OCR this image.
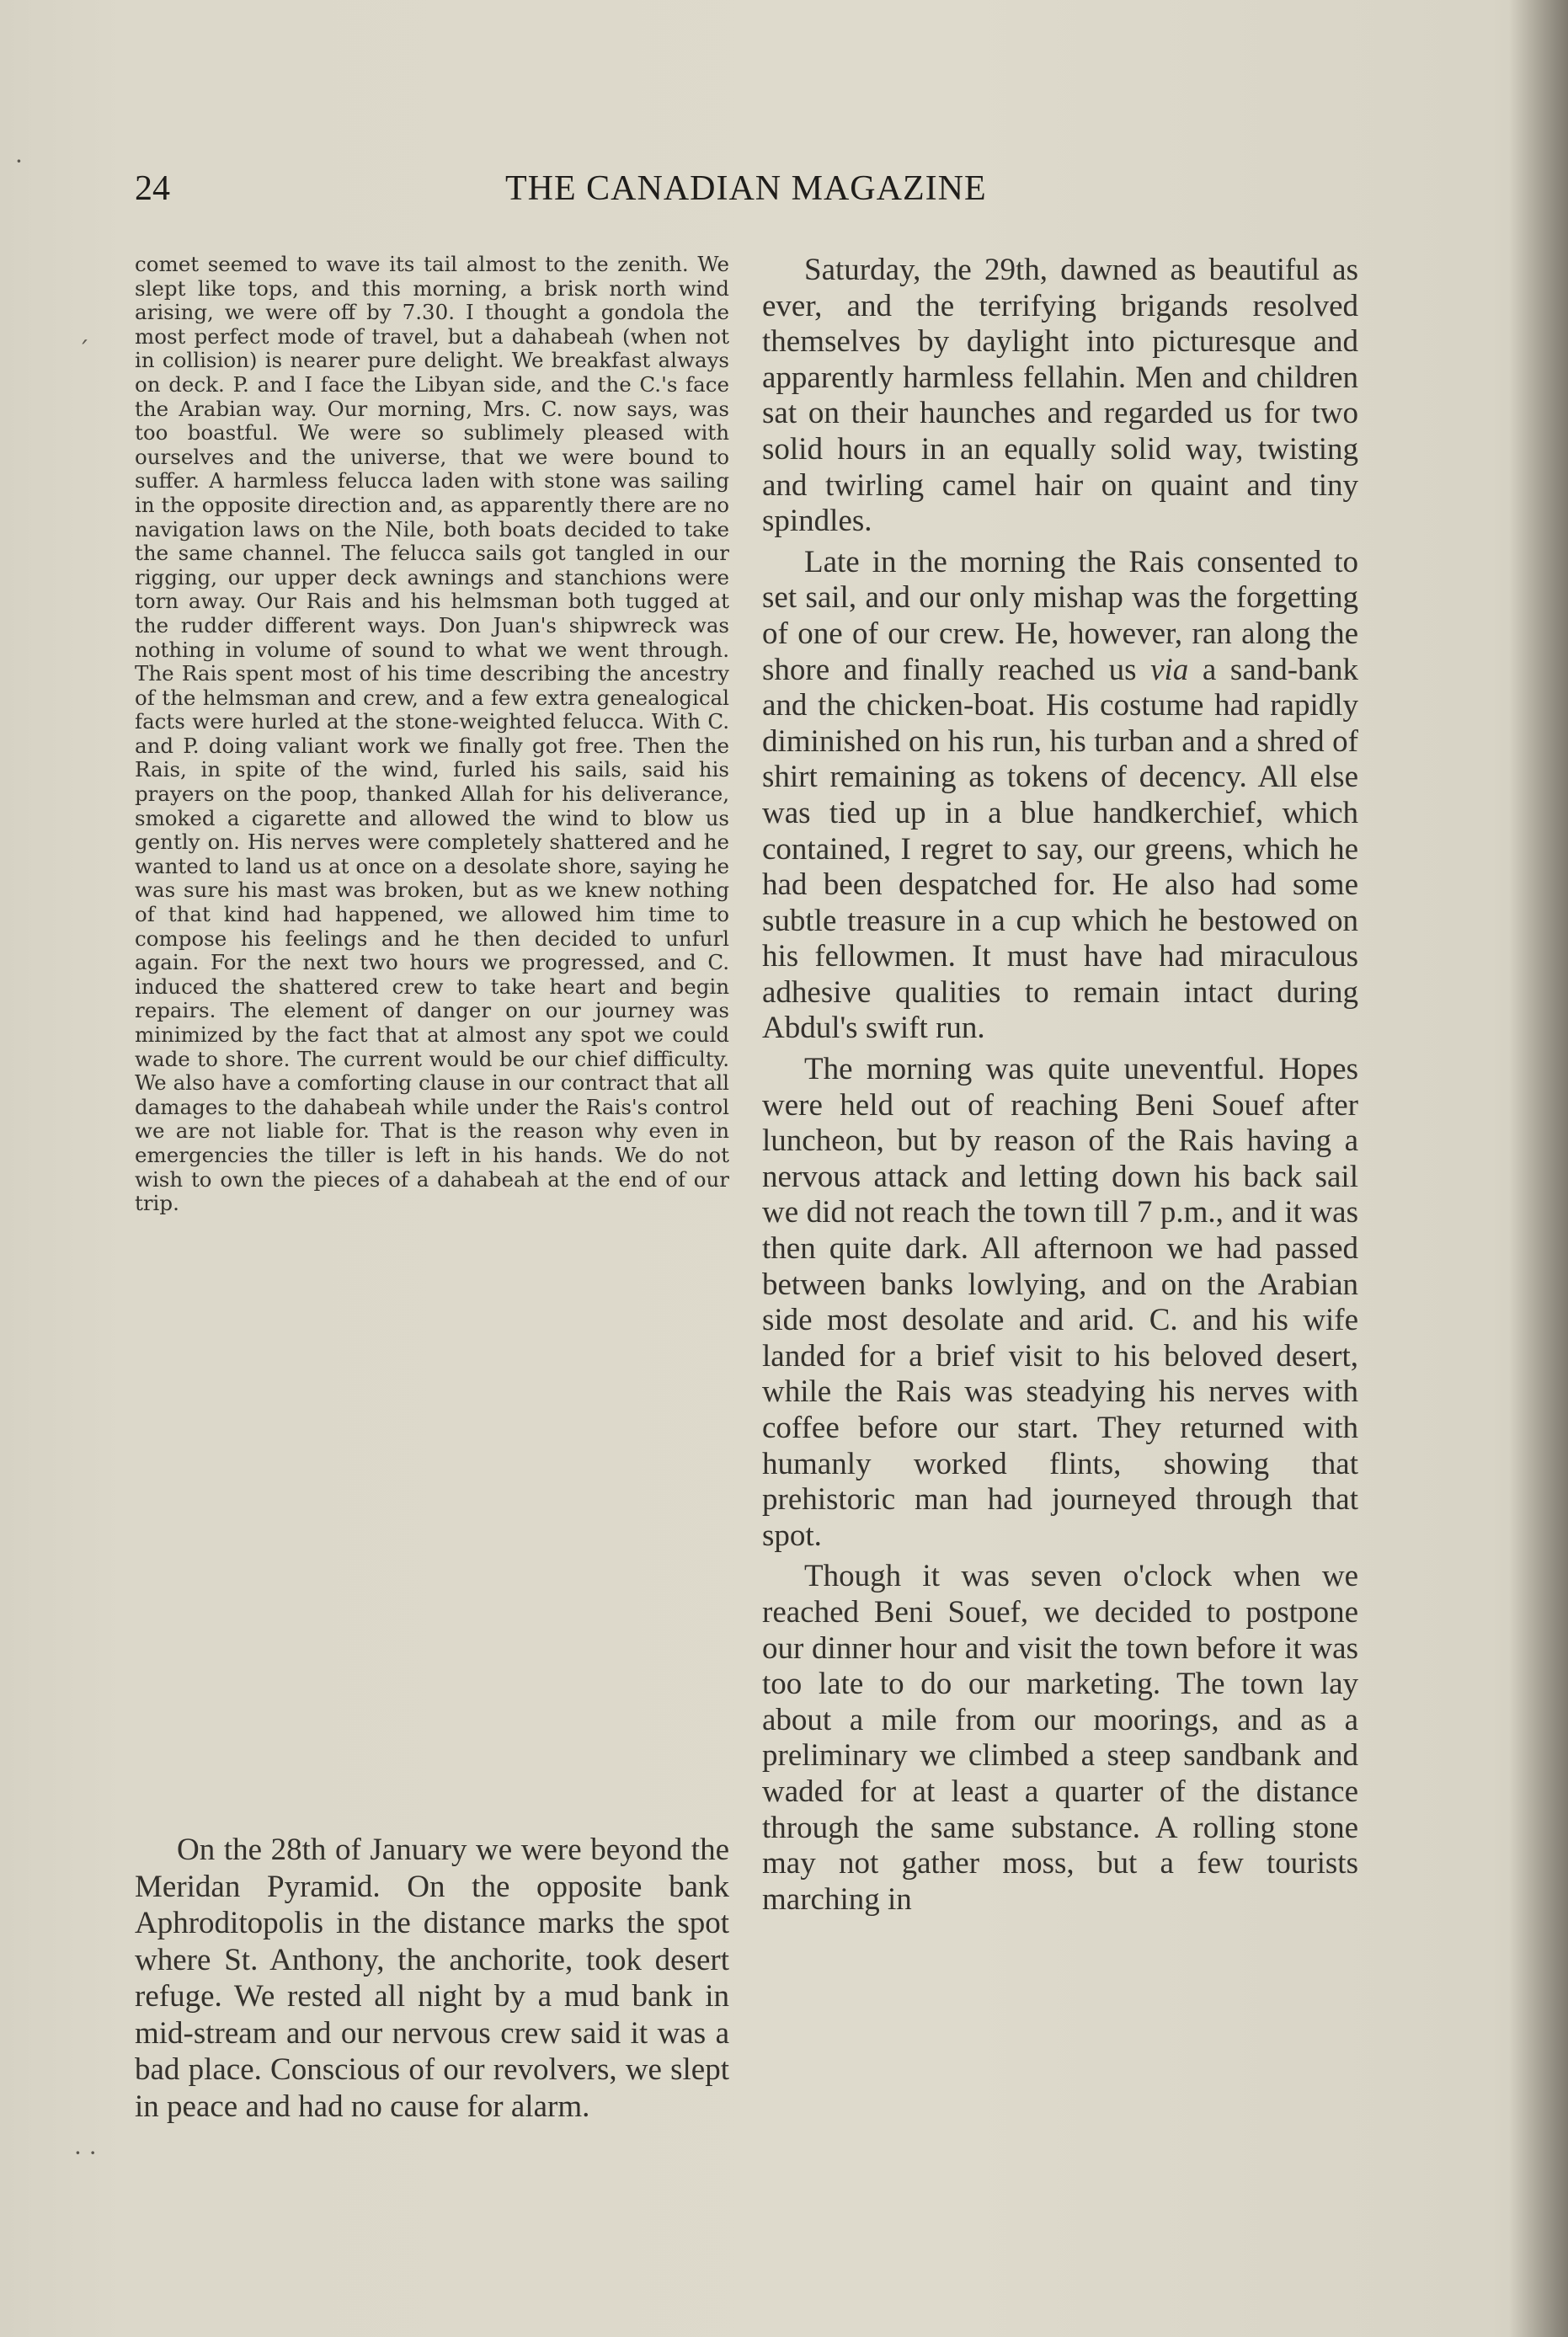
24	THE CANADIAN MAGAZINE

comet seemed to wave its tail almost to the zenith. We slept like tops, and this morning, a brisk north wind arising, we were off by 7.30. I thought a gondola the most perfect mode of travel, but a dahabeah (when not in collision) is nearer pure delight. We breakfast always on deck. P. and I face the Libyan side, and the C.'s face the Arabian way. Our morning, Mrs. C. now says, was too boastful. We were so sublimely pleased with ourselves and the universe, that we were bound to suffer. A harmless felucca laden with stone was sailing in the opposite direction and, as apparently there are no navigation laws on the Nile, both boats decided to take the same channel. The felucca sails got tangled in our rigging, our upper deck awnings and stanchions were torn away. Our Rais and his helmsman both tugged at the rudder different ways. Don Juan's shipwreck was nothing in volume of sound to what we went through. The Rais spent most of his time describing the ancestry of the helmsman and crew, and a few extra genealogical facts were hurled at the stone-weighted felucca. With C. and P. doing valiant work we finally got free. Then the Rais, in spite of the wind, furled his sails, said his prayers on the poop, thanked Allah for his deliverance, smoked a cigarette and allowed the wind to blow us gently on. His nerves were completely shattered and he wanted to land us at once on a desolate shore, saying he was sure his mast was broken, but as we knew nothing of that kind had happened, we allowed him time to compose his feelings and he then decided to unfurl again. For the next two hours we progressed, and C. induced the shattered crew to take heart and begin repairs. The element of danger on our journey was minimized by the fact that at almost any spot we could wade to shore. The current would be our chief difficulty. We also have a comforting clause in our contract that all damages to the dahabeah while under the Rais's control we are not liable for. That is the reason why even in emergencies the tiller is left in his hands. We do not wish to own the pieces of a dahabeah at the end of our trip.

On the 28th of January we were beyond the Meridan Pyramid. On the opposite bank Aphroditopolis in the distance marks the spot where St. Anthony, the anchorite, took desert refuge. We rested all night by a mud bank in mid-stream and our nervous crew said it was a bad place. Conscious of our revolvers, we slept in peace and had no cause for alarm.

Saturday, the 29th, dawned as beautiful as ever, and the terrifying brigands resolved themselves by daylight into picturesque and apparently harmless fellahin. Men and children sat on their haunches and regarded us for two solid hours in an equally solid way, twisting and twirling camel hair on quaint and tiny spindles.

Late in the morning the Rais consented to set sail, and our only mishap was the forgetting of one of our crew. He, however, ran along the shore and finally reached us via a sand-bank and the chicken-boat. His costume had rapidly diminished on his run, his turban and a shred of shirt remaining as tokens of decency. All else was tied up in a blue handkerchief, which contained, I regret to say, our greens, which he had been despatched for. He also had some subtle treasure in a cup which he bestowed on his fellowmen. It must have had miraculous adhesive qualities to remain intact during Abdul's swift run.

The morning was quite uneventful. Hopes were held out of reaching Beni Souef after luncheon, but by reason of the Rais having a nervous attack and letting down his back sail we did not reach the town till 7 p.m., and it was then quite dark. All afternoon we had passed between banks lowlying, and on the Arabian side most desolate and arid. C. and his wife landed for a brief visit to his beloved desert, while the Rais was steadying his nerves with coffee before our start. They returned with humanly worked flints, showing that prehistoric man had journeyed through that spot.

Though it was seven o'clock when we reached Beni Souef, we decided to postpone our dinner hour and visit the town before it was too late to do our marketing. The town lay about a mile from our moorings, and as a preliminary we climbed a steep sandbank and waded for at least a quarter of the distance through the same substance. A rolling stone may not gather moss, but a few tourists marching in

·
´
· ·
